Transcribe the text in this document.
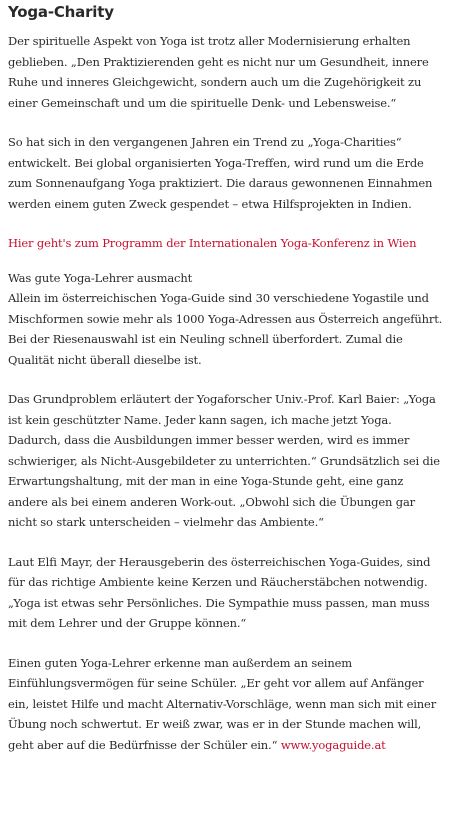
Yoga-Charity

Der spirituelle Aspekt von Yoga ist trotz aller Modernisierung erhalten geblieben. „Den Praktizierenden geht es nicht nur um Gesundheit, innere Ruhe und inneres Gleichgewicht, sondern auch um die Zugehörigkeit zu einer Gemeinschaft und um die spirituelle Denk- und Lebensweise.“

So hat sich in den vergangenen Jahren ein Trend zu „Yoga-Charities“ entwickelt. Bei global organisierten Yoga-Treffen, wird rund um die Erde zum Sonnenaufgang Yoga praktiziert. Die daraus gewonnenen Einnahmen werden einem guten Zweck gespendet – etwa Hilfsprojekten in Indien.

Hier geht's zum Programm der Internationalen Yoga-Konferenz in Wien

Was gute Yoga-Lehrer ausmacht
Allein im österreichischen Yoga-Guide sind 30 verschiedene Yogastile und Mischformen sowie mehr als 1000 Yoga-Adressen aus Österreich angeführt. Bei der Riesenauswahl ist ein Neuling schnell überfordert. Zumal die Qualität nicht überall dieselbe ist.

Das Grundproblem erläutert der Yogaforscher Univ.-Prof. Karl Baier: „Yoga ist kein geschützter Name. Jeder kann sagen, ich mache jetzt Yoga. Dadurch, dass die Ausbildungen immer besser werden, wird es immer schwieriger, als Nicht-Ausgebildeter zu unterrichten.“ Grundsätzlich sei die Erwartungshaltung, mit der man in eine Yoga-Stunde geht, eine ganz andere als bei einem anderen Work-out. „Obwohl sich die Übungen gar nicht so stark unterscheiden – vielmehr das Ambiente.“

Laut Elfi Mayr, der Herausgeberin des österreichischen Yoga-Guides, sind für das richtige Ambiente keine Kerzen und Räucherstäbchen notwendig. „Yoga ist etwas sehr Persönliches. Die Sympathie muss passen, man muss mit dem Lehrer und der Gruppe können.“

Einen guten Yoga-Lehrer erkenne man außerdem an seinem Einfühlungsvermögen für seine Schüler. „Er geht vor allem auf Anfänger ein, leistet Hilfe und macht Alternativ-Vorschläge, wenn man sich mit einer Übung noch schwertut. Er weiß zwar, was er in der Stunde machen will, geht aber auf die Bedürfnisse der Schüler ein.“ www.yogaguide.at
